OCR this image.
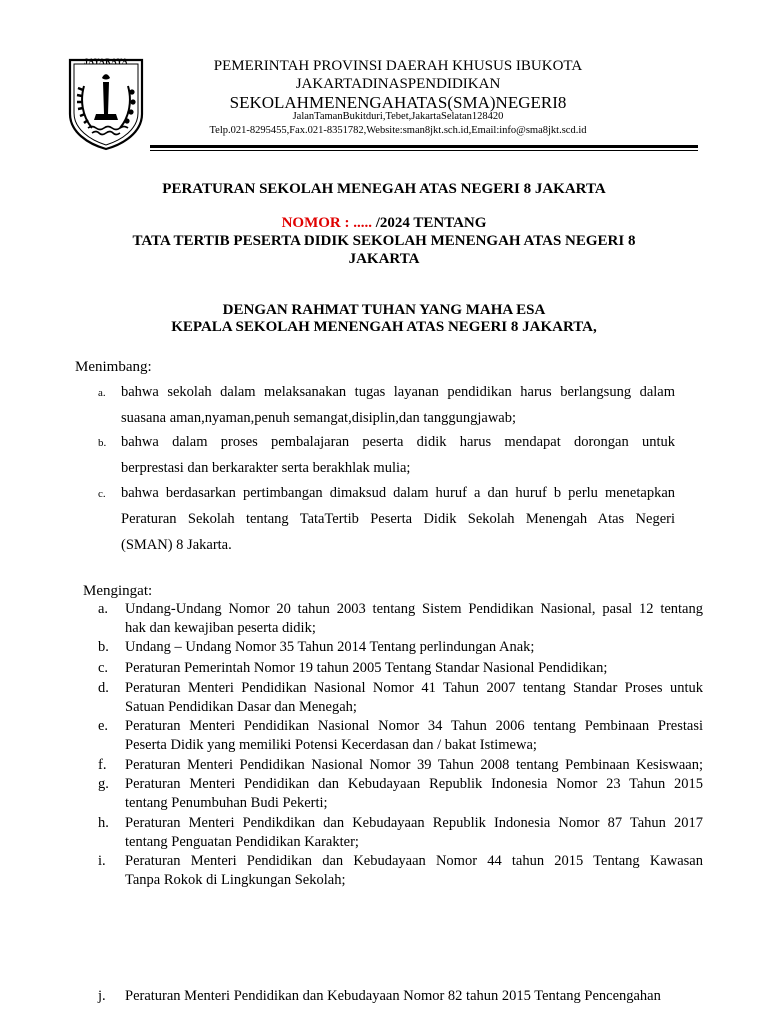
JAYARAYA	PEMERINTAH PROVINSI DAERAH KHUSUS IBUKOTA
JAKARTADINASPENDIDIKAN
SEKOLAHMENENGAHATAS(SMA)NEGERI8
JalanTamanBukitduri,Tebet,JakartaSelatan128420
Telp.021-8295455,Fax.021-8351782,Website:sman8jkt.sch.id,Email:info@sma8jkt.scd.id
PERATURAN SEKOLAH MENEGAH ATAS NEGERI 8 JAKARTA
NOMOR : ..... /2024 TENTANG
TATA TERTIB PESERTA DIDIK SEKOLAH MENENGAH ATAS NEGERI 8
JAKARTA
DENGAN RAHMAT TUHAN YANG MAHA ESA
KEPALA SEKOLAH MENENGAH ATAS NEGERI 8 JAKARTA,
Menimbang:
a. bahwa sekolah dalam melaksanakan tugas layanan pendidikan harus berlangsung dalam
suasana aman,nyaman,penuh semangat,disiplin,dan tanggungjawab;
b. bahwa dalam proses pembalajaran peserta didik harus mendapat dorongan untuk
berprestasi dan berkarakter serta berakhlak mulia;
c. bahwa berdasarkan pertimbangan dimaksud dalam huruf a dan huruf b perlu menetapkan
Peraturan Sekolah tentang TataTertib Peserta Didik Sekolah Menengah Atas Negeri
(SMAN) 8 Jakarta.
Mengingat:
a. Undang-Undang Nomor 20 tahun 2003 tentang Sistem Pendidikan Nasional, pasal 12 tentang
hak dan kewajiban peserta didik;
b. Undang – Undang Nomor 35 Tahun 2014 Tentang perlindungan Anak;
c. Peraturan Pemerintah Nomor 19 tahun 2005 Tentang Standar Nasional Pendidikan;
d. Peraturan Menteri Pendidikan Nasional Nomor 41 Tahun 2007 tentang Standar Proses untuk
Satuan Pendidikan Dasar dan Menegah;
e. Peraturan Menteri Pendidikan Nasional Nomor 34 Tahun 2006 tentang Pembinaan Prestasi
Peserta Didik yang memiliki Potensi Kecerdasan dan / bakat Istimewa;
f. Peraturan Menteri Pendidikan Nasional Nomor 39 Tahun 2008 tentang Pembinaan Kesiswaan;
g. Peraturan Menteri Pendidikan dan Kebudayaan Republik Indonesia Nomor 23 Tahun 2015
tentang Penumbuhan Budi Pekerti;
h. Peraturan Menteri Pendikdikan dan Kebudayaan Republik Indonesia Nomor 87 Tahun 2017
tentang Penguatan Pendidikan Karakter;
i. Peraturan Menteri Pendidikan dan Kebudayaan Nomor 44 tahun 2015 Tentang Kawasan
Tanpa Rokok di Lingkungan Sekolah;
j. Peraturan Menteri Pendidikan dan Kebudayaan Nomor 82 tahun 2015 Tentang Pencengahan
